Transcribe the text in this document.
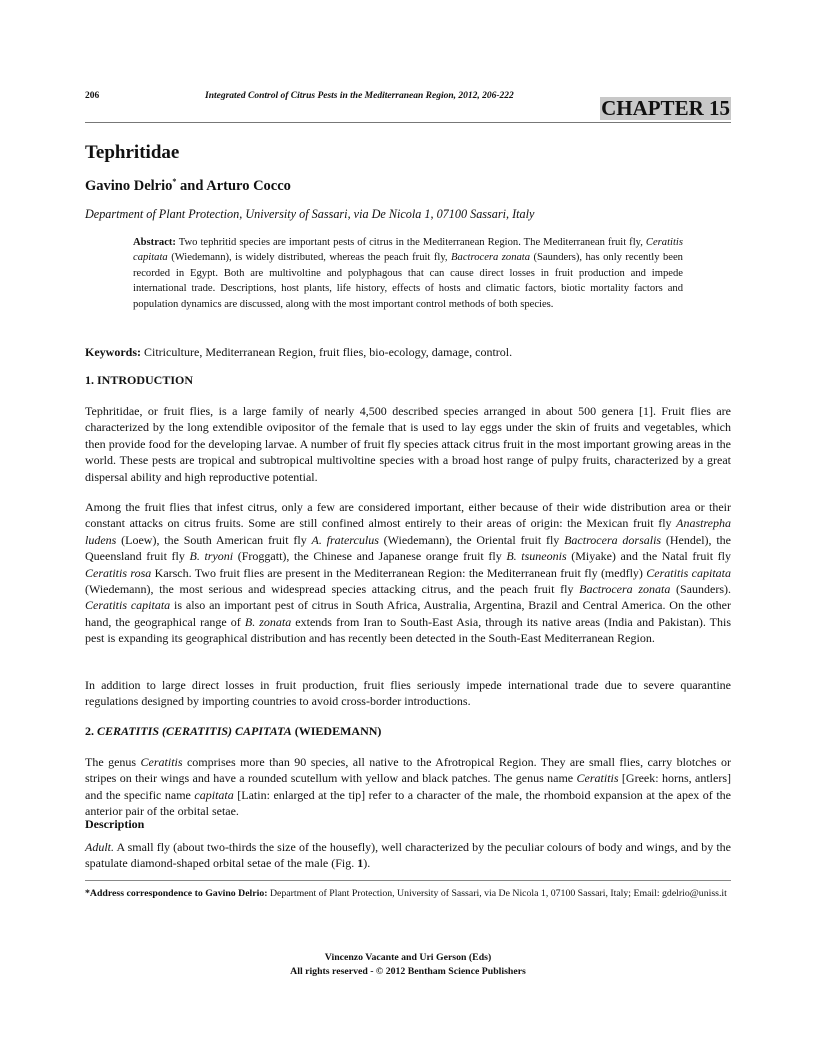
206	Integrated Control of Citrus Pests in the Mediterranean Region, 2012, 206-222	CHAPTER 15
Tephritidae
Gavino Delrio* and Arturo Cocco
Department of Plant Protection, University of Sassari, via De Nicola 1, 07100 Sassari, Italy
Abstract: Two tephritid species are important pests of citrus in the Mediterranean Region. The Mediterranean fruit fly, Ceratitis capitata (Wiedemann), is widely distributed, whereas the peach fruit fly, Bactrocera zonata (Saunders), has only recently been recorded in Egypt. Both are multivoltine and polyphagous that can cause direct losses in fruit production and impede international trade. Descriptions, host plants, life history, effects of hosts and climatic factors, biotic mortality factors and population dynamics are discussed, along with the most important control methods of both species.
Keywords: Citriculture, Mediterranean Region, fruit flies, bio-ecology, damage, control.
1. INTRODUCTION
Tephritidae, or fruit flies, is a large family of nearly 4,500 described species arranged in about 500 genera [1]. Fruit flies are characterized by the long extendible ovipositor of the female that is used to lay eggs under the skin of fruits and vegetables, which then provide food for the developing larvae. A number of fruit fly species attack citrus fruit in the most important growing areas in the world. These pests are tropical and subtropical multivoltine species with a broad host range of pulpy fruits, characterized by a great dispersal ability and high reproductive potential.
Among the fruit flies that infest citrus, only a few are considered important, either because of their wide distribution area or their constant attacks on citrus fruits. Some are still confined almost entirely to their areas of origin: the Mexican fruit fly Anastrepha ludens (Loew), the South American fruit fly A. fraterculus (Wiedemann), the Oriental fruit fly Bactrocera dorsalis (Hendel), the Queensland fruit fly B. tryoni (Froggatt), the Chinese and Japanese orange fruit fly B. tsuneonis (Miyake) and the Natal fruit fly Ceratitis rosa Karsch. Two fruit flies are present in the Mediterranean Region: the Mediterranean fruit fly (medfly) Ceratitis capitata (Wiedemann), the most serious and widespread species attacking citrus, and the peach fruit fly Bactrocera zonata (Saunders). Ceratitis capitata is also an important pest of citrus in South Africa, Australia, Argentina, Brazil and Central America. On the other hand, the geographical range of B. zonata extends from Iran to South-East Asia, through its native areas (India and Pakistan). This pest is expanding its geographical distribution and has recently been detected in the South-East Mediterranean Region.
In addition to large direct losses in fruit production, fruit flies seriously impede international trade due to severe quarantine regulations designed by importing countries to avoid cross-border introductions.
2. CERATITIS (CERATITIS) CAPITATA (WIEDEMANN)
The genus Ceratitis comprises more than 90 species, all native to the Afrotropical Region. They are small flies, carry blotches or stripes on their wings and have a rounded scutellum with yellow and black patches. The genus name Ceratitis [Greek: horns, antlers] and the specific name capitata [Latin: enlarged at the tip] refer to a character of the male, the rhomboid expansion at the apex of the anterior pair of the orbital setae.
Description
Adult. A small fly (about two-thirds the size of the housefly), well characterized by the peculiar colours of body and wings, and by the spatulate diamond-shaped orbital setae of the male (Fig. 1).
*Address correspondence to Gavino Delrio: Department of Plant Protection, University of Sassari, via De Nicola 1, 07100 Sassari, Italy; Email: gdelrio@uniss.it
Vincenzo Vacante and Uri Gerson (Eds)
All rights reserved - © 2012 Bentham Science Publishers
